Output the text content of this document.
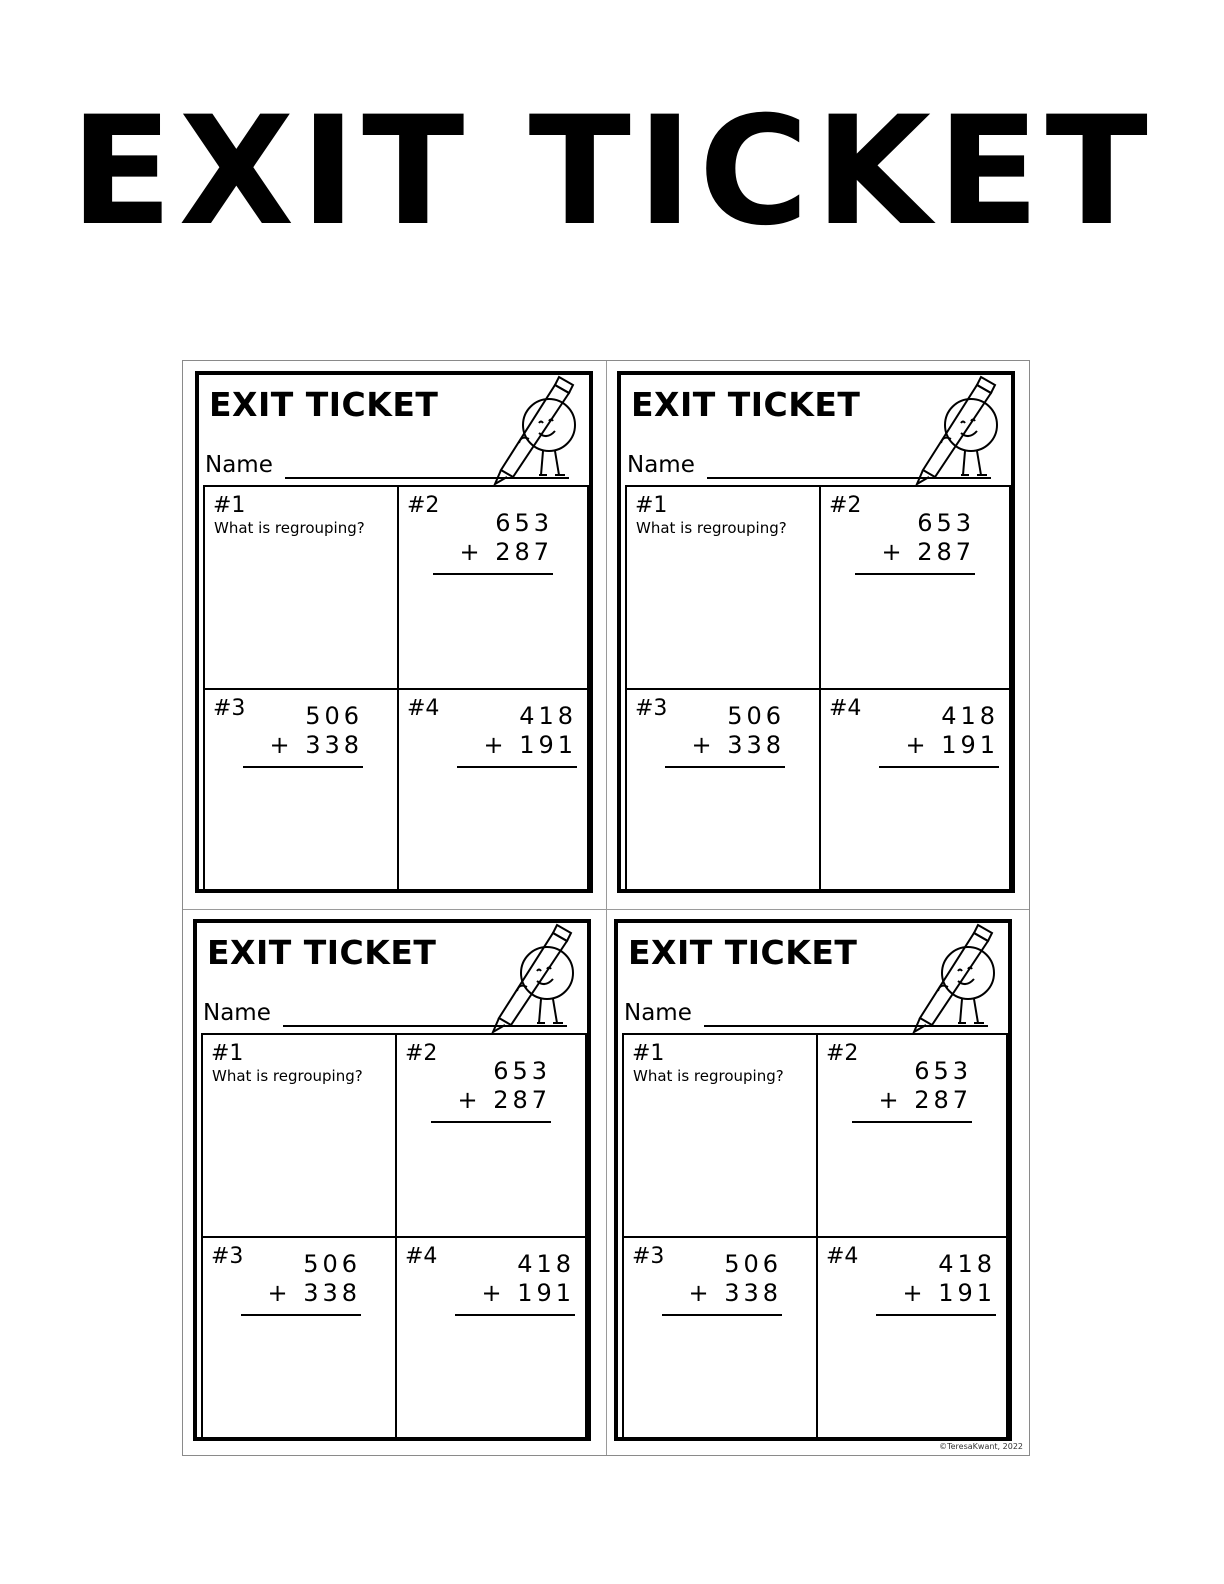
EXIT TICKET
EXIT TICKET
Name
#1
What is regrouping?
#2
653
+ 287
#3	506
+ 338
#4	418
+ 191
EXIT TICKET
Name
#1
What is regrouping?
#2
653
+ 287
#3	506
+ 338
#4	418
+ 191
EXIT TICKET
Name
#1
What is regrouping?
#2
653
+ 287
#3	506
+ 338
#4	418
+ 191
EXIT TICKET
Name
#1
What is regrouping?
#2
653
+ 287
#3	506
+ 338
#4	418
+ 191
©TeresaKwant, 2022
